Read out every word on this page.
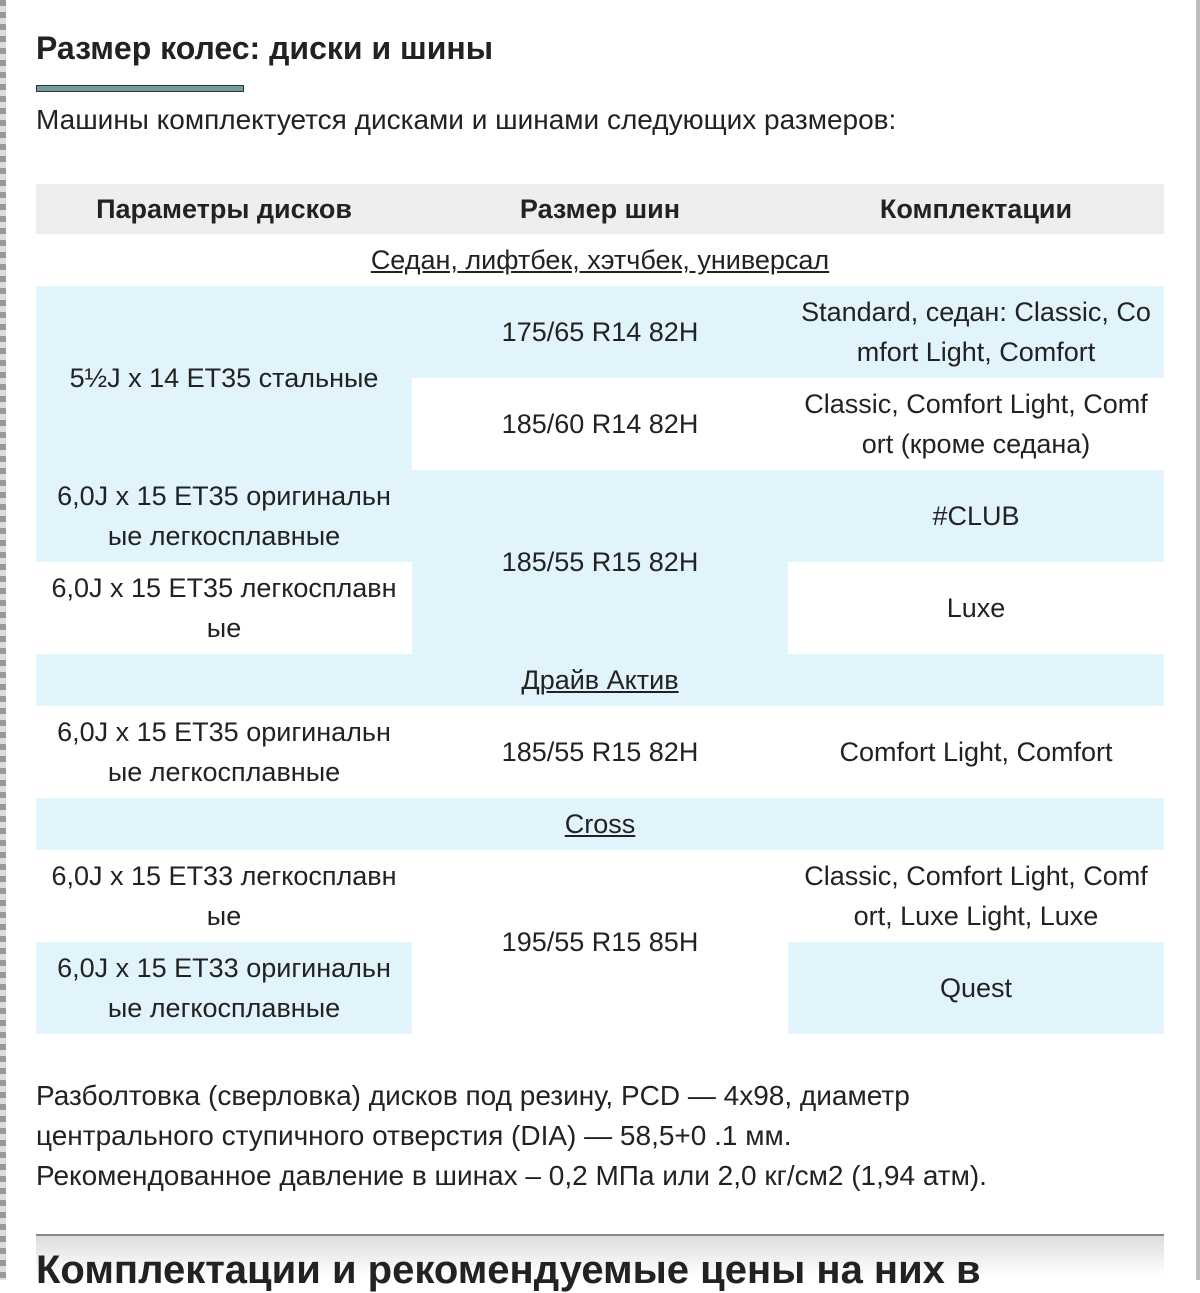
Размер колес: диски и шины

Машины комплектуется дисками и шинами следующих размеров:

Параметры дисков	Размер шин	Комплектации
Седан, лифтбек, хэтчбек, универсал		
5½J x 14 ET35 стальные	175/65 R14 82H	Standard, седан: Classic, Comfort Light, Comfort
	185/60 R14 82H	Classic, Comfort Light, Comfort (кроме седана)
6,0J x 15 ET35 оригинальные легкосплавные	185/55 R15 82H	#CLUB
6,0J x 15 ET35 легкосплавные		Luxe
Драйв Актив		
6,0J x 15 ET35 оригинальные легкосплавные	185/55 R15 82H	Comfort Light, Comfort
Cross		
6,0J x 15 ET33 легкосплавные	195/55 R15 85H	Classic, Comfort Light, Comfort, Luxe Light, Luxe
6,0J x 15 ET33 оригинальные легкосплавные		Quest

Разболтовка (сверловка) дисков под резину, PCD — 4x98, диаметр
центрального ступичного отверстия (DIA) — 58,5+0 .1 мм.
Рекомендованное давление в шинах – 0,2 МПа или 2,0 кг/см2 (1,94 атм).

Комплектации и рекомендуемые цены на них в
